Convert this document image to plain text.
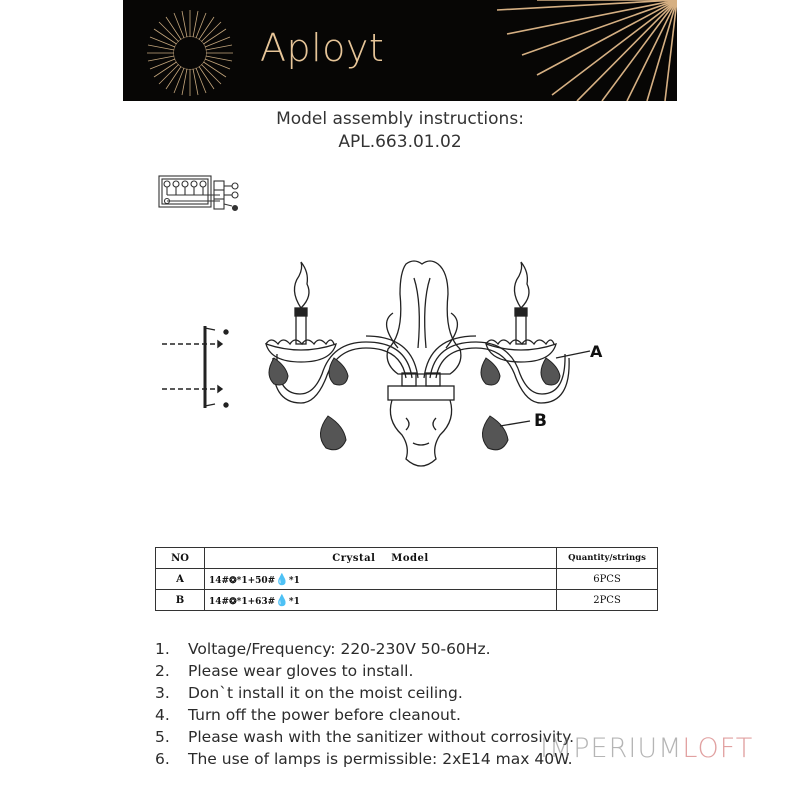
Aployt
Model assembly instructions:
APL.663.01.02
A
B
NO	Crystal    Model	Quantity/strings
A	14#❂*1+50#💧*1	6PCS
B	14#❂*1+63#💧*1	2PCS
1.	Voltage/Frequency: 220-230V 50-60Hz.
2.	Please wear gloves to install.
3.	Don`t install it on the moist ceiling.
4.	Turn off the power before cleanout.
5.	Please wash with the sanitizer without corrosivity.
6.	The use of lamps is permissible: 2xE14 max 40W.
IMPERIUMLOFT
